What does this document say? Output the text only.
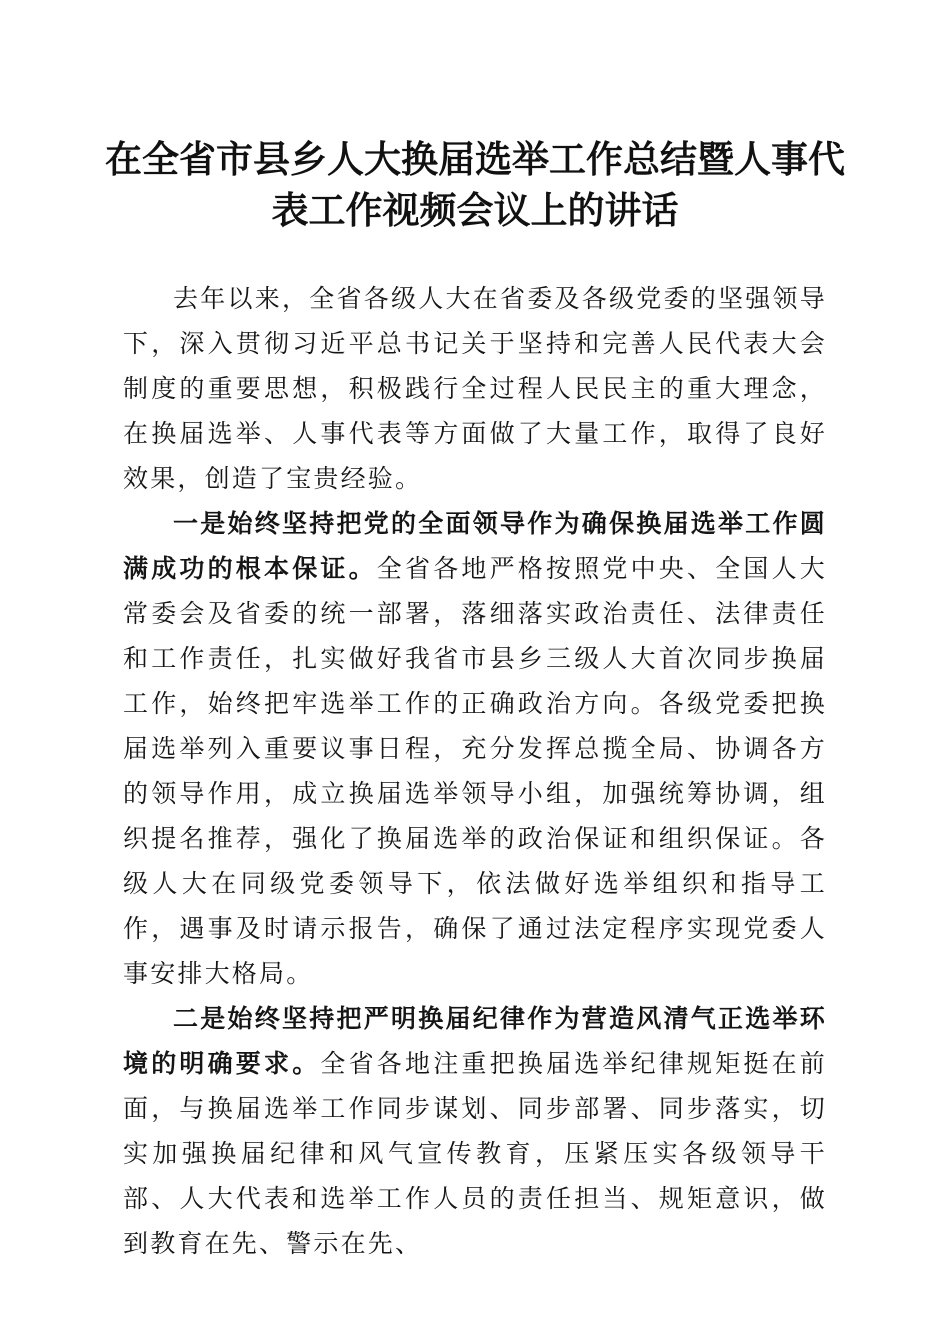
在全省市县乡人大换届选举工作总结暨人事代表工作视频会议上的讲话

去年以来，全省各级人大在省委及各级党委的坚强领导下，深入贯彻习近平总书记关于坚持和完善人民代表大会制度的重要思想，积极践行全过程人民民主的重大理念，在换届选举、人事代表等方面做了大量工作，取得了良好效果，创造了宝贵经验。

一是始终坚持把党的全面领导作为确保换届选举工作圆满成功的根本保证。全省各地严格按照党中央、全国人大常委会及省委的统一部署，落细落实政治责任、法律责任和工作责任，扎实做好我省市县乡三级人大首次同步换届工作，始终把牢选举工作的正确政治方向。各级党委把换届选举列入重要议事日程，充分发挥总揽全局、协调各方的领导作用，成立换届选举领导小组，加强统筹协调，组织提名推荐，强化了换届选举的政治保证和组织保证。各级人大在同级党委领导下，依法做好选举组织和指导工作，遇事及时请示报告，确保了通过法定程序实现党委人事安排大格局。

二是始终坚持把严明换届纪律作为营造风清气正选举环境的明确要求。全省各地注重把换届选举纪律规矩挺在前面，与换届选举工作同步谋划、同步部署、同步落实，切实加强换届纪律和风气宣传教育，压紧压实各级领导干部、人大代表和选举工作人员的责任担当、规矩意识，做到教育在先、警示在先、
